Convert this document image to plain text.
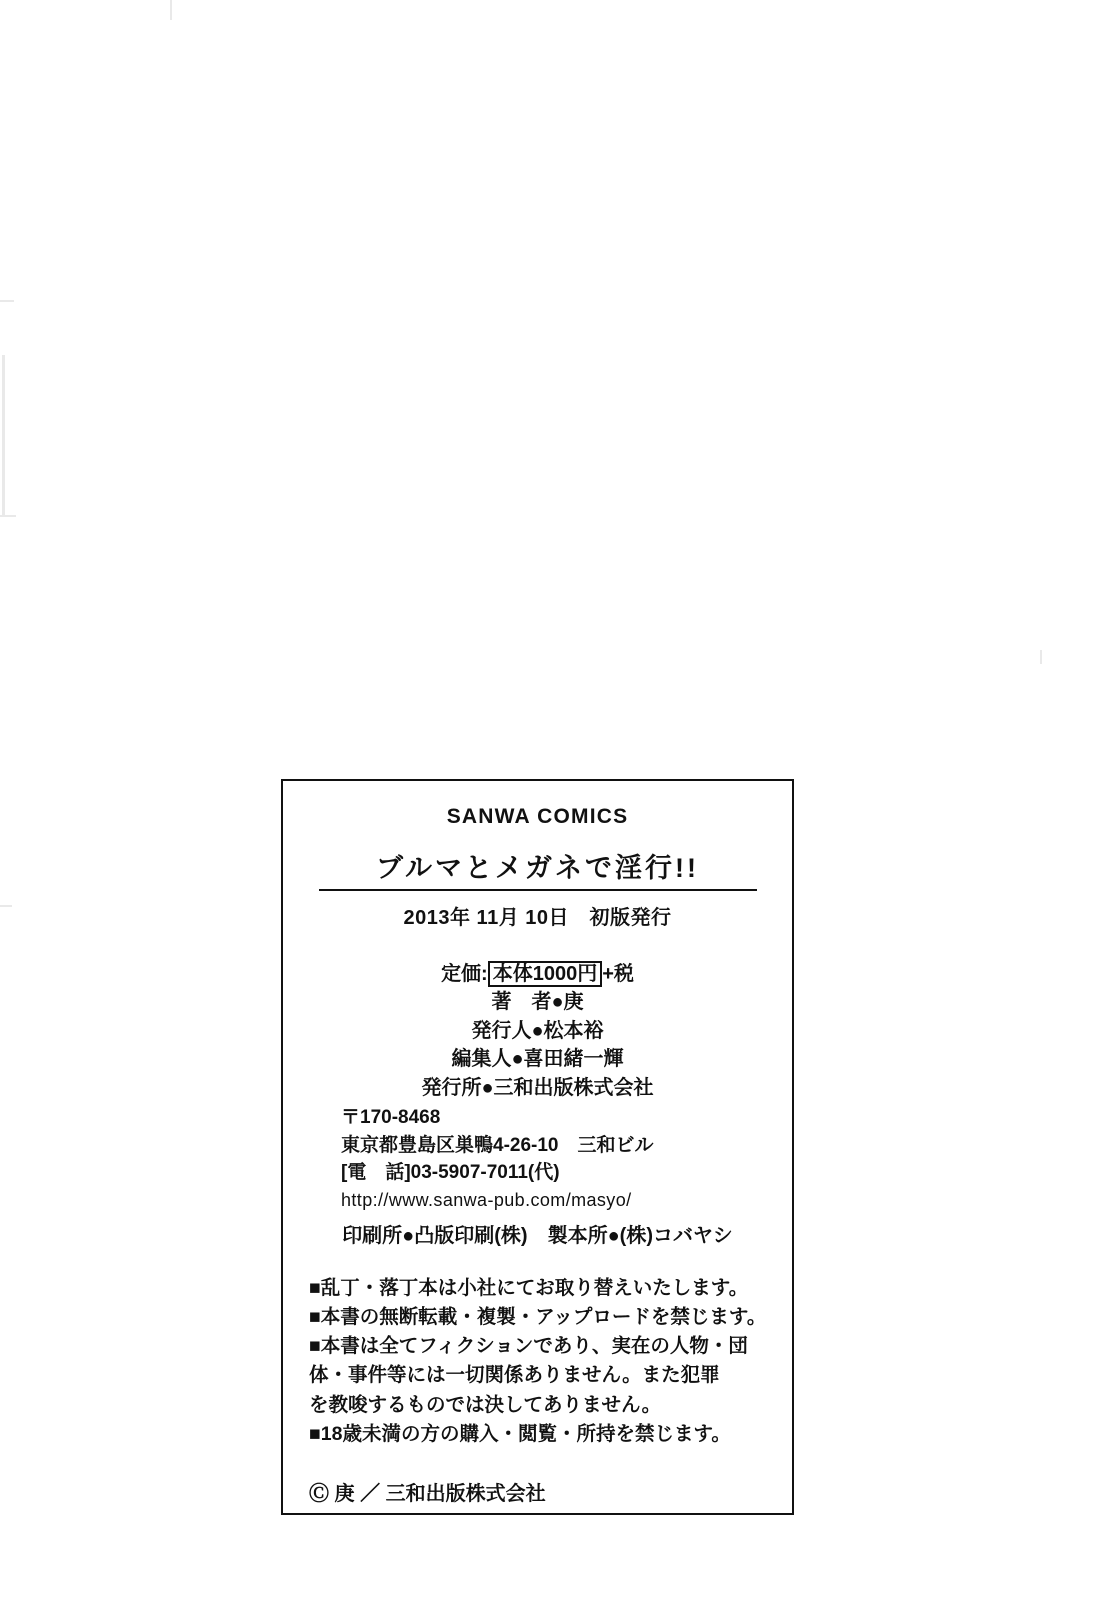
SANWA COMICS
ブルマとメガネで淫行!!
2013年 11月 10日　初版発行
定価: 本体1000円 +税
著　者●庚
発行人●松本裕
編集人●喜田緒一輝
発行所●三和出版株式会社
〒170-8468
東京都豊島区巣鴨4-26-10　三和ビル
[電　話]03-5907-7011(代)
http://www.sanwa-pub.com/masyo/
印刷所●凸版印刷(株)　製本所●(株)コバヤシ
■乱丁・落丁本は小社にてお取り替えいたします。
■本書の無断転載・複製・アップロードを禁じます。
■本書は全てフィクションであり、実在の人物・団
体・事件等には一切関係ありません。また犯罪
を教唆するものでは決してありません。
■18歳未満の方の購入・閲覧・所持を禁じます。
Ⓒ 庚 ／ 三和出版株式会社
